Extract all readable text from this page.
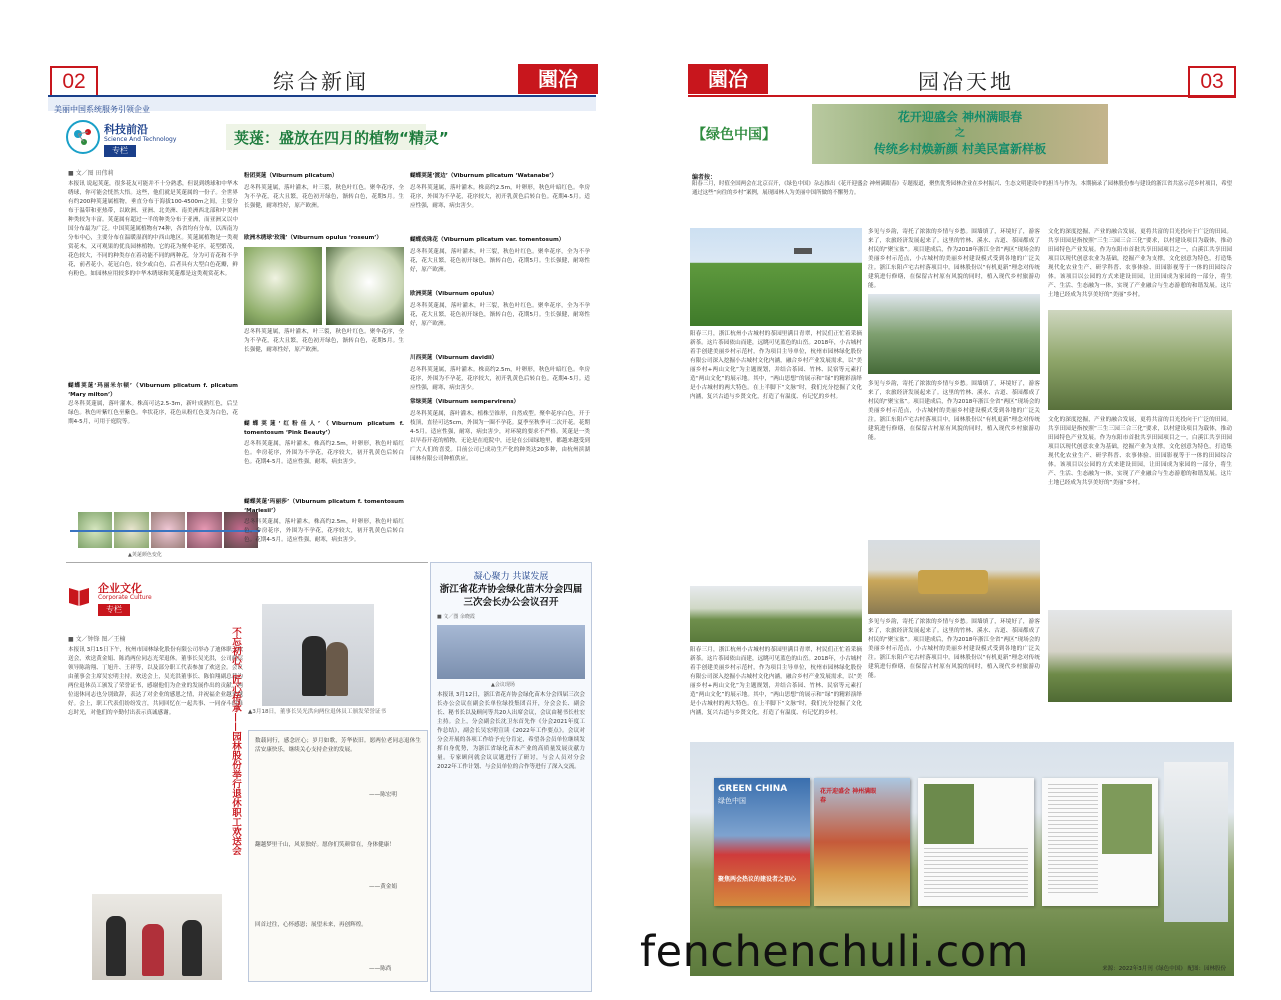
02	综合新闻	園冶
美丽中国系统服务引领企业
科技前沿
Science And Technology
专栏
荚蒾：盛放在四月的植物“精灵”
■ 文／图 田伟莉
本报讯 说起荚蒾，很多花友可能并不十分熟悉，但说到绣球和中华木绣球，你可能会恍然大悟。这些，他们就是荚蒾属的一份子。全世界有约200种荚蒾属植物，垂直分布于海拔100-4500m之间，主要分布于温带和亚热带，以欧洲、亚洲、北美洲、南美洲西北部和中美洲种类较为丰富。荚蒾属有超过一半的种类分布于亚洲，而亚洲又以中国分布最为广泛。中国荚蒾属植物有74种，各省均有分布，以西南为分布中心，主要分布在温暖湿润的中西山地区。荚蒾属植物是一类观赏花木，又可观果的优良园林植物。它的花为聚伞花序，花型繁茂，花色较大，不同的种类存在着功能不同的两种花，分为可育花和不孕花，前者花小，花冠白色，较少或白色，后者具有大型白色花瓣，鲜有粉色。如园林应用较多的中华木绣球和荚蒾都是这类观赏花木。
蝴蝶荚蒾‘玛丽米尔顿’（Viburnum plicatum f. plicatum ‘Mary milton’）
忍冬科荚蒾属，落叶灌木。株高可达2.5-3m，新叶成熟红色，后呈绿色。秋色叶紫红色至紫色。伞状花序，花色从粉红色变为白色，花期4-5月，可用于庭院等。
▲荚蒾颜色变化
粉团荚蒾（Viburnum plicatum）
忍冬科荚蒾属，落叶灌木，叶三裂，秋色叶红色。聚伞花序，全为不孕花，花大且繁，花色初开绿色，渐转白色，花期5月。生长强健，耐寒性好，原产欧洲。
欧洲木绣球‘玫瑰’（Viburnum opulus ‘roseum’）
忍冬科荚蒾属，落叶灌木，叶三裂，秋色叶红色。聚伞花序，全为不孕花，花大且繁，花色初开绿色，渐转白色，花期5月。生长强健，耐寒性好，原产欧洲。
蝴蝶荚蒾‘红粉佳人’（Viburnum plicatum f. tomentosum ‘Pink Beauty’）
忍冬科荚蒾属，落叶灌木。株高约2.5m，叶卵形，秋色叶暗红色。伞房花序，外围为不孕花，花序较大，初开乳黄色后转白色。花期4-5月。适应性强，耐寒，病虫害少。
蝴蝶荚蒾‘玛丽莎’（Viburnum plicatum f. tomentosum ‘Mariesii’）
忍冬科荚蒾属，落叶灌木。株高约2.5m，叶卵形，秋色叶暗红色。伞房花序，外围为不孕花，花序较大，初开乳黄色后转白色。花期4-5月。适应性强，耐寒，病虫害少。
蝴蝶荚蒾‘渡边’（Viburnum plicatum ‘Watanabe’）
忍冬科荚蒾属，落叶灌木。株高约2.5m，叶卵形，秋色叶暗红色。伞房花序，外围为不孕花，花序较大，初开乳黄色后转白色。花期4-5月。适应性强，耐寒，病虫害少。
蝴蝶戏珠花（Viburnum plicatum var. tomentosum）
忍冬科荚蒾属，落叶灌木，叶三裂，秋色叶红色。聚伞花序，全为不孕花，花大且繁，花色初开绿色，渐转白色，花期5月。生长强健，耐寒性好，原产欧洲。
欧洲荚蒾（Viburnum opulus）
忍冬科荚蒾属，落叶灌木，叶三裂，秋色叶红色。聚伞花序，全为不孕花，花大且繁，花色初开绿色，渐转白色，花期5月。生长强健，耐寒性好，原产欧洲。
川西荚蒾（Viburnum davidii）
忍冬科荚蒾属，落叶灌木。株高约2.5m，叶卵形，秋色叶暗红色。伞房花序，外围为不孕花，花序较大，初开乳黄色后转白色。花期4-5月。适应性强，耐寒，病虫害少。
常绿荚蒾（Viburnum sempervirens）
忍冬科荚蒾属，落叶灌木。植株呈锥形，自然成型。聚伞花序白色，开于枝顶，直径可达5cm，外围为一圈不孕花。夏季至秋季可二次开花。花期4-5月。适应性强，耐寒，病虫害少，对环境的要求不严格。荚蒾是一类以早春开花的植物，无论是在庭院中，还是在公园绿地里，都越来越受到广大人们的喜爱。目前公司已成功生产化的种类达20多种，由杭州滨湖园林有限公司种植供应。
企业文化
Corporate Culture
专栏
■ 文／钟锋 图／王楠
本报讯 3月15日下午，杭州市园林绿化股份有限公司举办了迪体职工欢送会，欢送黄金娟、陈尚两位同志光荣退休。董事长吴光洪，公司两层领导陈韵翔、丁旭升、王祥等，以及部分职工代表参加了欢送会。会议由董事会主席吴宏明主持。欢送会上，吴光洪董事长、陈伯翔副总裁为两位退休员工颁发了荣誉证书，感谢他们为企业的发展作出的贡献。两位退休同志也分别致辞，表达了对企业的感恩之情，并祝福企业越来越好。会上，职工代表们纷纷发言，共同回忆在一起共事、一同奋斗的难忘时光，对他们的辛勤付出表示真诚感谢。	▲3月18日，董事长吴光洪向两位退休员工颁发荣誉证书
不忘初心、匠心传承——园林股份举行退休职工欢送会	数载同行，感念匠心；岁月如歌，芳华依旧。愿两位老同志退休生活安康快乐，继续关心支持企业的发展。
——陈宏明
翻越梦里千山，风景独好。愿你们笑颜常在，身体健康！
——黄金娟
回首过往，心怀感恩；展望未来，再创辉煌。
——陈尚
凝心聚力 共谋发展
浙江省花卉协会绿化苗木分会四届三次会长办公会议召开
■ 文／图 余晓霞
▲会议现场
本报讯 3月12日，浙江省花卉协会绿化苗木分会四届三次会长办公会议在副会长单位绿投集团召开，分会会长、副会长、秘书长以及顾问等共20人出席会议，会议由秘书长杜宏主持。会上，分会副会长沈卫东首先作《分会2021年度工作总结》，副会长吴宏明宣读《2022年工作要点》。会议对分会开展的各项工作给予充分肯定，希望各会员单位继续发挥自身优势，为浙江省绿化苗木产业的高质量发展贡献力量。专家顾问就会议议题进行了研讨，与会人员对分会2022年工作计划、与会员单位的合作等进行了深入交流。
園冶	园冶天地	03
【绿色中国】
花开迎盛会 神州满眼春
之
传统乡村焕新颜 村美民富新样板
编者按：
阳春三月，时值全国两会在北京召开，《绿色中国》杂志推出《花开迎盛会 神州满眼春》专题报道，聚焦优秀园林企业在乡村振兴、生态文明建设中的担当与作为。本期摘录了园林股份参与建设的浙江省共富示范乡村项目，希望通过这些“向往的乡村”案例，展现园林人为美丽中国所做的不懈努力。
阳春三月，浙江杭州小古城村的茶园里满目青翠，村民们正忙着采摘新茶。这片茶园依山而建，远眺可见蓝色的山峦。2018年，小古城村着手创建美丽乡村示范村，作为项目主导单位，杭州市园林绿化股份有限公司深入挖掘小古城村文化内涵，融合乡村产业发展需求，以“美丽乡村+两山文化”为主题规划，并结合茶园、竹林、民宿等元素打造“两山文化”的展示地。其中，“两山思想”的展示和“绿”的精彩演绎是小古城村的两大特色。在上半脚下“文脉”时，我们充分挖掘了文化内涵，复兴古道与乡贤文化，打造了有温度、有记忆的乡村。
阳春三月，浙江杭州小古城村的茶园里满目青翠，村民们正忙着采摘新茶。这片茶园依山而建，远眺可见蓝色的山峦。2018年，小古城村着手创建美丽乡村示范村，作为项目主导单位，杭州市园林绿化股份有限公司深入挖掘小古城村文化内涵，融合乡村产业发展需求，以“美丽乡村+两山文化”为主题规划，并结合茶园、竹林、民宿等元素打造“两山文化”的展示地。其中，“两山思想”的展示和“绿”的精彩演绎是小古城村的两大特色。在上半脚下“文脉”时，我们充分挖掘了文化内涵，复兴古道与乡贤文化，打造了有温度、有记忆的乡村。
多见与乡韵，寄托了浓浓的乡情与乡愁。围墙填了，环境好了，游客来了，农旅经济发展起来了。这里的竹林、溪水、古道、茶园都成了村民的“聚宝盆”。项目建成后，作为2018年浙江全省“两区”现场会的美丽乡村示范点，小古城村的美丽乡村建设模式受到各地的广泛关注。浙江东阳卢宅古村落项目中，园林股份以“有机更新”理念对传统建筑进行修缮，在保留古村原有风貌的同时，植入现代乡村旅游功能。
多见与乡韵，寄托了浓浓的乡情与乡愁。围墙填了，环境好了，游客来了，农旅经济发展起来了。这里的竹林、溪水、古道、茶园都成了村民的“聚宝盆”。项目建成后，作为2018年浙江全省“两区”现场会的美丽乡村示范点，小古城村的美丽乡村建设模式受到各地的广泛关注。浙江东阳卢宅古村落项目中，园林股份以“有机更新”理念对传统建筑进行修缮，在保留古村原有风貌的同时，植入现代乡村旅游功能。
多见与乡韵，寄托了浓浓的乡情与乡愁。围墙填了，环境好了，游客来了，农旅经济发展起来了。这里的竹林、溪水、古道、茶园都成了村民的“聚宝盆”。项目建成后，作为2018年浙江全省“两区”现场会的美丽乡村示范点，小古城村的美丽乡村建设模式受到各地的广泛关注。浙江东阳卢宅古村落项目中，园林股份以“有机更新”理念对传统建筑进行修缮，在保留古村原有风貌的同时，植入现代乡村旅游功能。
文化的深度挖掘，产业的融合发展，更将共富的目光投向于广泛的田园。共享田园是指按照“三生三园三合三化”要求，以村建设项目为载体，推动田园特色产业发展。作为东阳市首批共享田园项目之一，白溪江共享田园项目以现代创意农业为基础，挖掘产业为支撑，文化创意为特色，打造集现代化农业生产、研学科普、农事体验、田园影视等于一体的田园综合体。该项目以公园的方式来建设田园，让田园成为家园的一部分，将生产、生活、生态融为一体，实现了产业融合与生态游憩的和谐发展。这片土地已经成为共享美好的“美丽”乡村。
文化的深度挖掘，产业的融合发展，更将共富的目光投向于广泛的田园。共享田园是指按照“三生三园三合三化”要求，以村建设项目为载体，推动田园特色产业发展。作为东阳市首批共享田园项目之一，白溪江共享田园项目以现代创意农业为基础，挖掘产业为支撑，文化创意为特色，打造集现代化农业生产、研学科普、农事体验、田园影视等于一体的田园综合体。该项目以公园的方式来建设田园，让田园成为家园的一部分，将生产、生活、生态融为一体，实现了产业融合与生态游憩的和谐发展。这片土地已经成为共享美好的“美丽”乡村。
GREEN CHINA
绿色中国
聚焦两会热议的建设者之初心
花开迎盛会 神州满眼春
来源：2022年3月刊《绿色中国》 配图：园林股份
fenchenchuli.com
